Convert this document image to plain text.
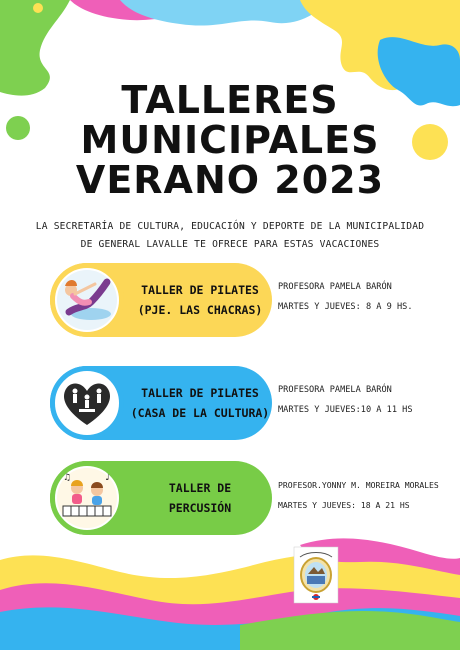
TALLERES
MUNICIPALES
VERANO 2023
LA SECRETARÍA DE CULTURA, EDUCACIÓN Y DEPORTE DE LA MUNICIPALIDAD
DE GENERAL LAVALLE TE OFRECE PARA ESTAS VACACIONES
TALLER DE PILATES
(PJE. LAS CHACRAS)
PROFESORA PAMELA BARÓN
MARTES Y JUEVES: 8 A 9 HS.
TALLER DE PILATES
(CASA DE LA CULTURA)
PROFESORA PAMELA BARÓN
MARTES Y JUEVES:10 A 11 HS
♪
♫
TALLER DE
PERCUSIÓN
PROFESOR.YONNY M. MOREIRA MORALES
MARTES Y JUEVES: 18 A 21 HS
